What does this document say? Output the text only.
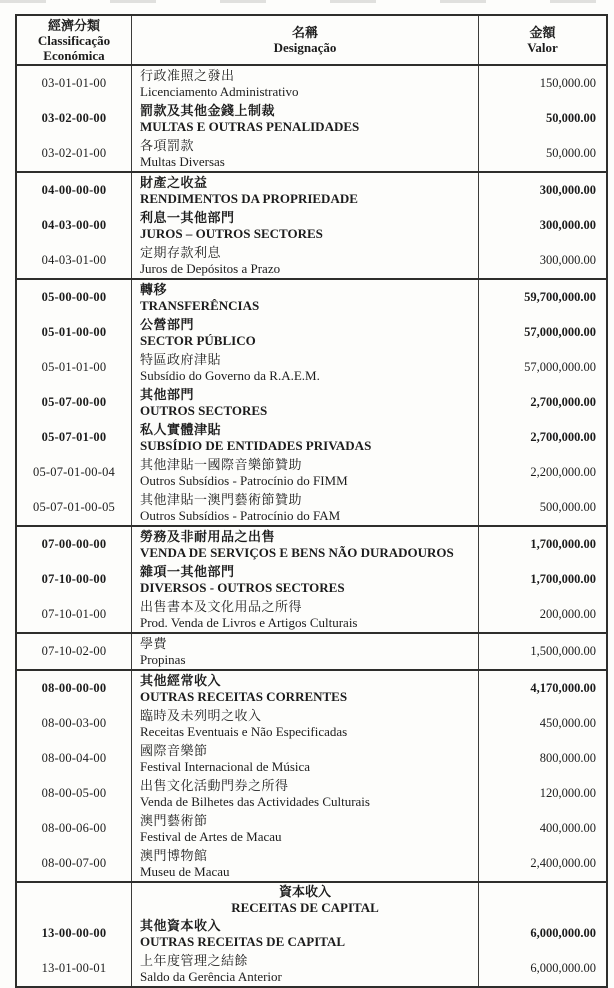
經濟分類
Classificação
Económica
名稱
Designação
金額
Valor
03-01-01-00	行政准照之發出
Licenciamento Administrativo
150,000.00
03-02-00-00	罰款及其他金錢上制裁
MULTAS E OUTRAS PENALIDADES
50,000.00
03-02-01-00	各項罰款
Multas Diversas
50,000.00
04-00-00-00	財產之收益
RENDIMENTOS DA PROPRIEDADE
300,000.00
04-03-00-00	利息一其他部門
JUROS – OUTROS SECTORES
300,000.00
04-03-01-00	定期存款利息
Juros de Depósitos a Prazo
300,000.00
05-00-00-00	轉移
TRANSFERÊNCIAS
59,700,000.00
05-01-00-00	公營部門
SECTOR PÚBLICO
57,000,000.00
05-01-01-00	特區政府津貼
Subsídio do Governo da R.A.E.M.
57,000,000.00
05-07-00-00	其他部門
OUTROS SECTORES
2,700,000.00
05-07-01-00	私人實體津貼
SUBSÍDIO DE ENTIDADES PRIVADAS
2,700,000.00
05-07-01-00-04	其他津貼一國際音樂節贊助
Outros Subsídios - Patrocínio do FIMM
2,200,000.00
05-07-01-00-05	其他津貼一澳門藝術節贊助
Outros Subsídios - Patrocínio do FAM
500,000.00
07-00-00-00	勞務及非耐用品之出售
VENDA DE SERVIÇOS E BENS NÃO DURADOUROS
1,700,000.00
07-10-00-00	雜項一其他部門
DIVERSOS - OUTROS SECTORES
1,700,000.00
07-10-01-00	出售書本及文化用品之所得
Prod. Venda de Livros e Artigos Culturais
200,000.00
07-10-02-00	學費
Propinas
1,500,000.00
08-00-00-00	其他經常收入
OUTRAS RECEITAS CORRENTES
4,170,000.00
08-00-03-00	臨時及未列明之收入
Receitas Eventuais e Não Especificadas
450,000.00
08-00-04-00	國際音樂節
Festival Internacional de Música
800,000.00
08-00-05-00	出售文化活動門券之所得
Venda de Bilhetes das Actividades Culturais
120,000.00
08-00-06-00	澳門藝術節
Festival de Artes de Macau
400,000.00
08-00-07-00	澳門博物館
Museu de Macau
2,400,000.00
資本收入
RECEITAS DE CAPITAL
13-00-00-00	其他資本收入
OUTRAS RECEITAS DE CAPITAL
6,000,000.00
13-01-00-01	上年度管理之結餘
Saldo da Gerência Anterior
6,000,000.00
